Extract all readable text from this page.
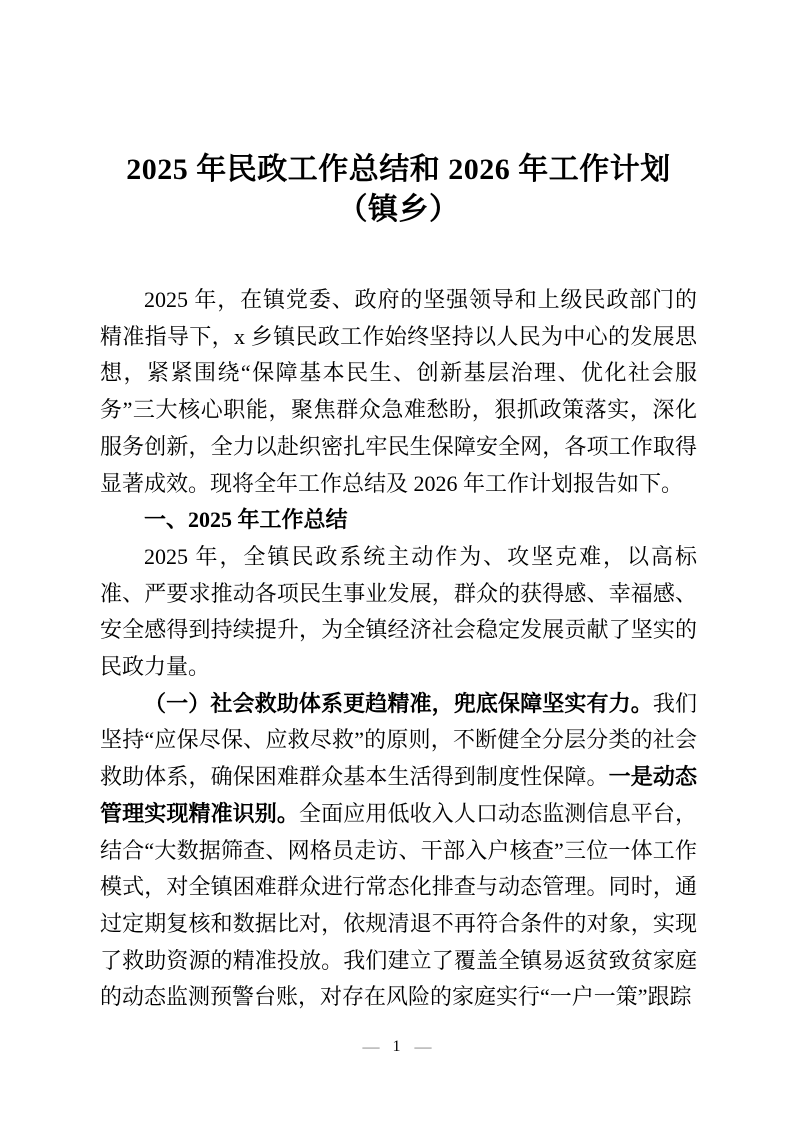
2025 年民政工作总结和 2026 年工作计划
（镇乡）

2025 年，在镇党委、政府的坚强领导和上级民政部门的精准指导下，x 乡镇民政工作始终坚持以人民为中心的发展思想，紧紧围绕“保障基本民生、创新基层治理、优化社会服务”三大核心职能，聚焦群众急难愁盼，狠抓政策落实，深化服务创新，全力以赴织密扎牢民生保障安全网，各项工作取得显著成效。现将全年工作总结及 2026 年工作计划报告如下。

一、2025 年工作总结

2025 年，全镇民政系统主动作为、攻坚克难，以高标准、严要求推动各项民生事业发展，群众的获得感、幸福感、安全感得到持续提升，为全镇经济社会稳定发展贡献了坚实的民政力量。

（一）社会救助体系更趋精准，兜底保障坚实有力。我们坚持“应保尽保、应救尽救”的原则，不断健全分层分类的社会救助体系，确保困难群众基本生活得到制度性保障。一是动态管理实现精准识别。全面应用低收入人口动态监测信息平台，结合“大数据筛查、网格员走访、干部入户核查”三位一体工作模式，对全镇困难群众进行常态化排查与动态管理。同时，通过定期复核和数据比对，依规清退不再符合条件的对象，实现了救助资源的精准投放。我们建立了覆盖全镇易返贫致贫家庭的动态监测预警台账，对存在风险的家庭实行“一户一策”跟踪

— 1 —
